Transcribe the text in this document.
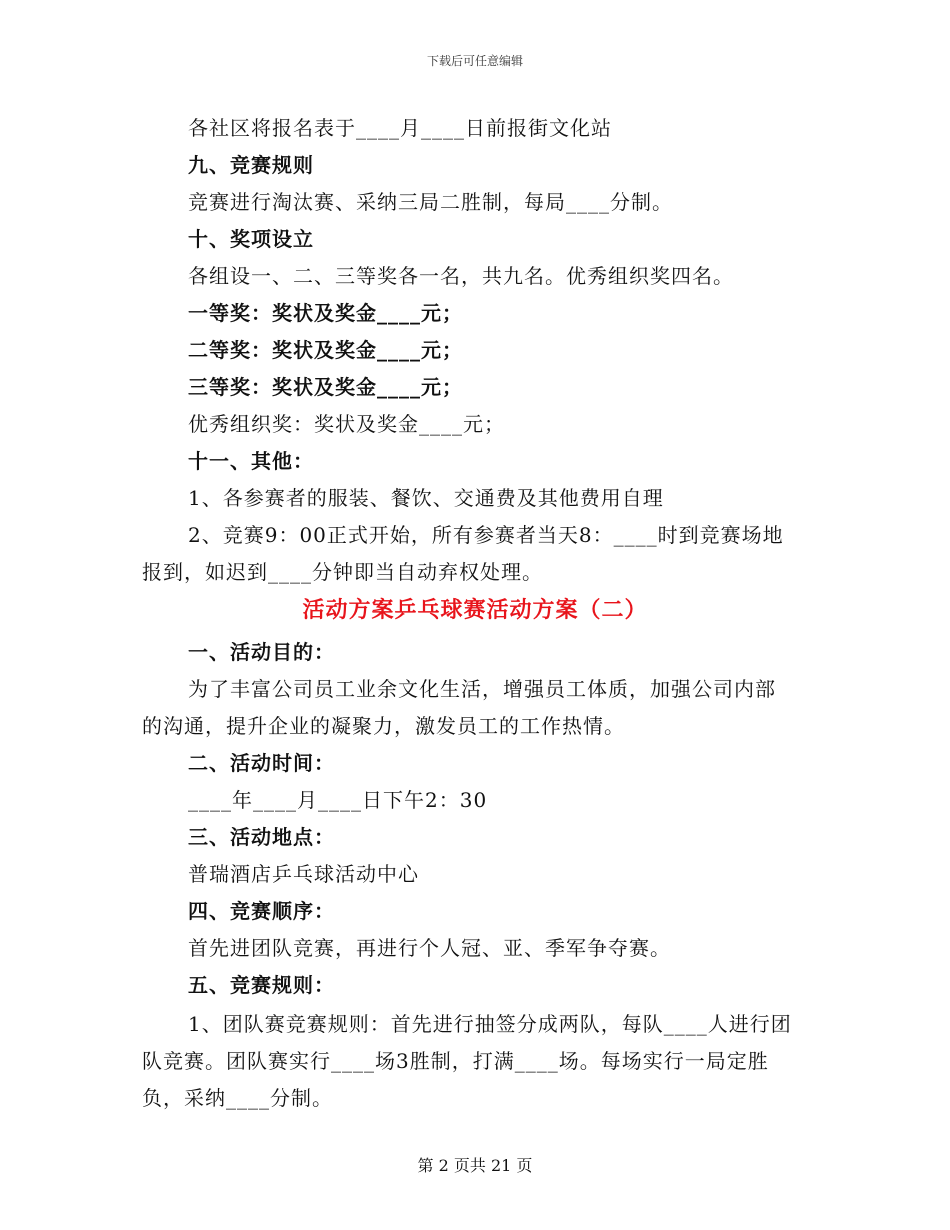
下载后可任意编辑
各社区将报名表于____月____日前报街文化站
九、竞赛规则
竞赛进行淘汰赛、采纳三局二胜制，每局____分制。
十、奖项设立
各组设一、二、三等奖各一名，共九名。优秀组织奖四名。
一等奖：奖状及奖金____元；
二等奖：奖状及奖金____元；
三等奖：奖状及奖金____元；
优秀组织奖：奖状及奖金____元；
十一、其他：
1、各参赛者的服装、餐饮、交通费及其他费用自理
2、竞赛9：00正式开始，所有参赛者当天8：____时到竞赛场地
报到，如迟到____分钟即当自动弃权处理。
活动方案乒乓球赛活动方案（二）
一、活动目的：
为了丰富公司员工业余文化生活，增强员工体质，加强公司内部
的沟通，提升企业的凝聚力，激发员工的工作热情。
二、活动时间：
____年____月____日下午2：30
三、活动地点：
普瑞酒店乒乓球活动中心
四、竞赛顺序：
首先进团队竞赛，再进行个人冠、亚、季军争夺赛。
五、竞赛规则：
1、团队赛竞赛规则：首先进行抽签分成两队，每队____人进行团
队竞赛。团队赛实行____场3胜制，打满____场。每场实行一局定胜
负，采纳____分制。
第 2 页共 21 页
